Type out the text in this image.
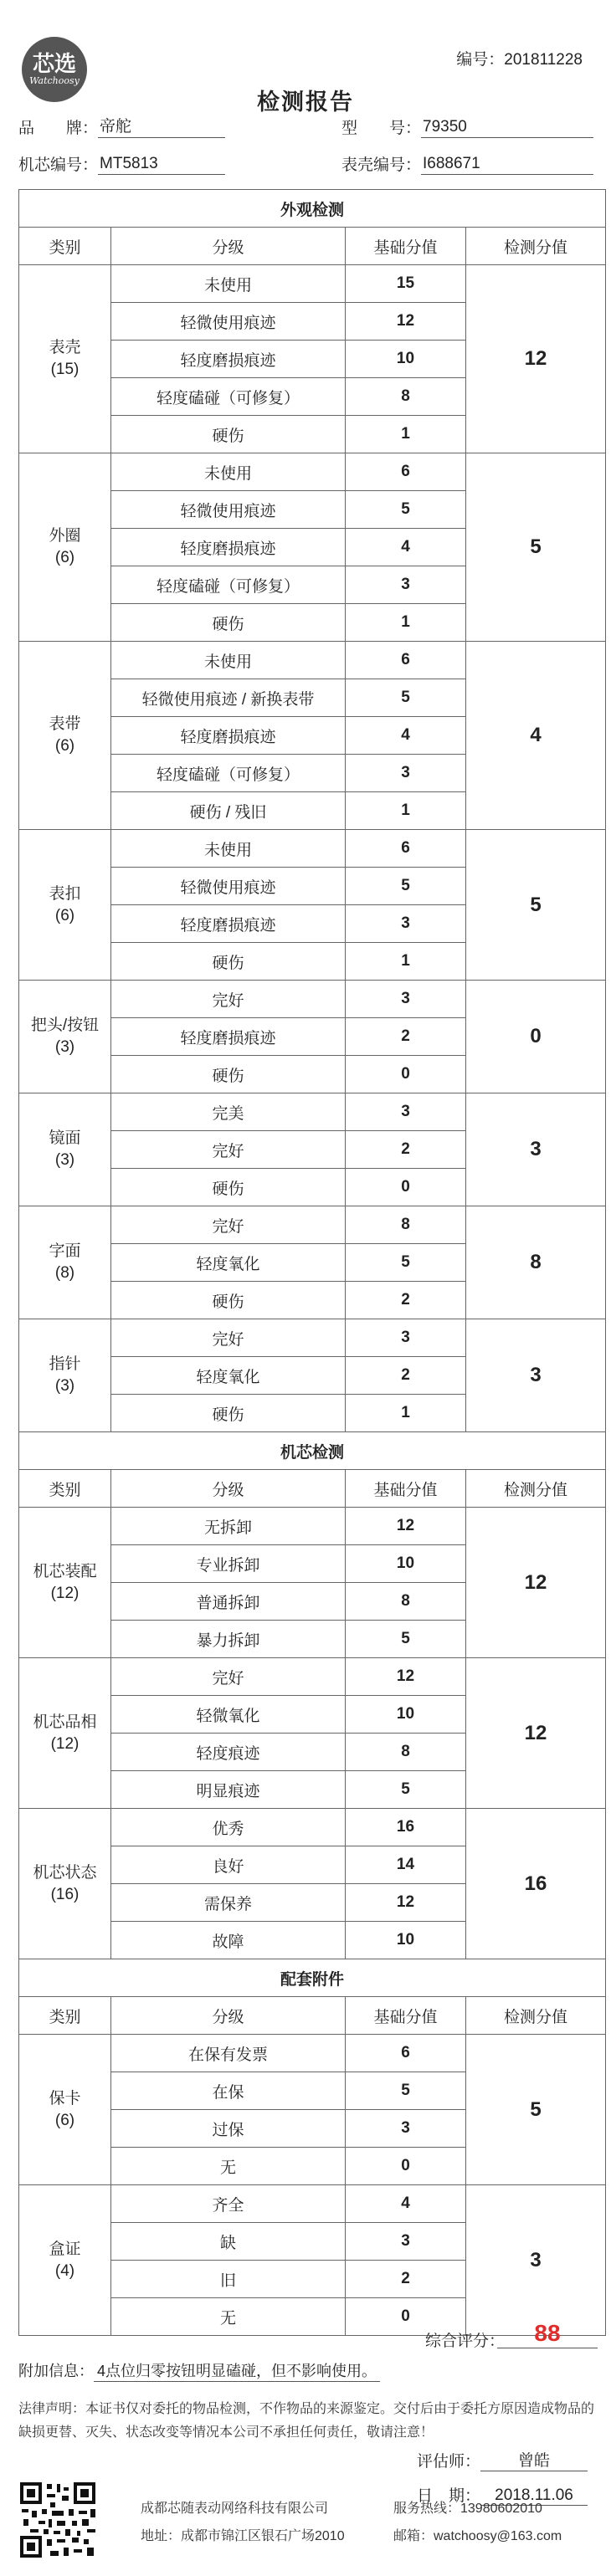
芯选
Watchoosy
编号：201811228
检测报告
品　　牌： 帝舵	型　　号： 79350
机芯编号： MT5813	表壳编号： I688671
外观检测			
类别	分级	基础分值	检测分值

表壳
(15)	未使用	15	12
	轻微使用痕迹	12	
	轻度磨损痕迹	10	
	轻度磕碰（可修复）	8	
	硬伤	1	

外圈
(6)	未使用	6	5
	轻微使用痕迹	5	
	轻度磨损痕迹	4	
	轻度磕碰（可修复）	3	
	硬伤	1	

表带
(6)	未使用	6	4
	轻微使用痕迹 / 新换表带	5	
	轻度磨损痕迹	4	
	轻度磕碰（可修复）	3	
	硬伤 / 残旧	1	

表扣
(6)	未使用	6	5
	轻微使用痕迹	5	
	轻度磨损痕迹	3	
	硬伤	1	

把头/按钮
(3)	完好	3	0
	轻度磨损痕迹	2	
	硬伤	0	

镜面
(3)	完美	3	3
	完好	2	
	硬伤	0	

字面
(8)	完好	8	8
	轻度氧化	5	
	硬伤	2	

指针
(3)	完好	3	3
	轻度氧化	2	
	硬伤	1	
机芯检测			
类别	分级	基础分值	检测分值

机芯装配
(12)	无拆卸	12	12
	专业拆卸	10	
	普通拆卸	8	
	暴力拆卸	5	

机芯品相
(12)	完好	12	12
	轻微氧化	10	
	轻度痕迹	8	
	明显痕迹	5	

机芯状态
(16)	优秀	16	16
	良好	14	
	需保养	12	
	故障	10	
配套附件			
类别	分级	基础分值	检测分值

保卡
(6)	在保有发票	6	5
	在保	5	
	过保	3	
	无	0	

盒证
(4)	齐全	4	3
	缺	3	
	旧	2	
	无	0	
综合评分：	88
附加信息： 4点位归零按钮明显磕碰，但不影响使用。
法律声明：本证书仅对委托的物品检测，不作物品的来源鉴定。交付后由于委托方原因造成物品的缺损更替、灭失、状态改变等情况本公司不承担任何责任，敬请注意！
评估师：	曾皓
日　期： 2018.11.06
成都芯随表动网络科技有限公司
地址：成都市锦江区银石广场2010
服务热线：13980602010
邮箱：watchoosy@163.com
